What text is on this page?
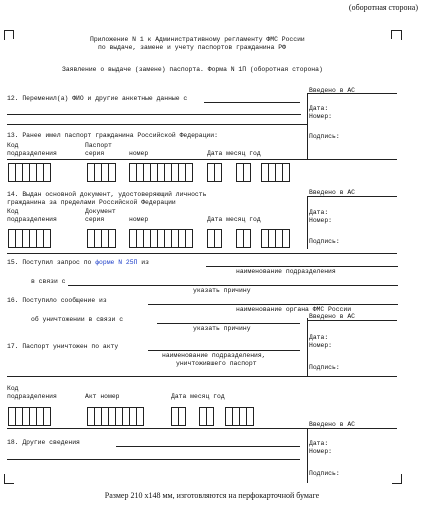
(оборотная сторона)
Приложение N 1 к Административному регламенту ФМС России
по выдаче, замене и учету паспортов гражданина РФ
Заявление о выдаче (замене) паспорта. Форма N 1П (оборотная сторона)
12. Переменил(а) ФИО и другие анкетные данные с
Введено в АС
Дата:
Номер:
Подпись:
13. Ранее имел паспорт гражданина Российской Федерации:
Код
подразделения
Паспорт
серия	номер	Дата месяц год
14. Выдан основной документ, удостоверяющий личность
гражданина за пределами Российской Федерации
Код
подразделения
Документ
серия	номер	Дата месяц год
Введено в АС
Дата:
Номер:
Подпись:
15. Поступил запрос по форме N 25П из
наименование подразделения
в связи с
указать причину
16. Поступило сообщение из
наименование органа ФМС России
об уничтожении в связи с
указать причину
Введено в АС
Дата:
Номер:
Подпись:
17. Паспорт уничтожен по акту
наименование подразделения,
уничтожившего паспорт
Код
подразделения	Акт номер	Дата месяц год
Введено в АС
18. Другие сведения	Дата:
Номер:
Подпись:
Размер 210 x148 мм, изготовляются на перфокарточной бумаге
